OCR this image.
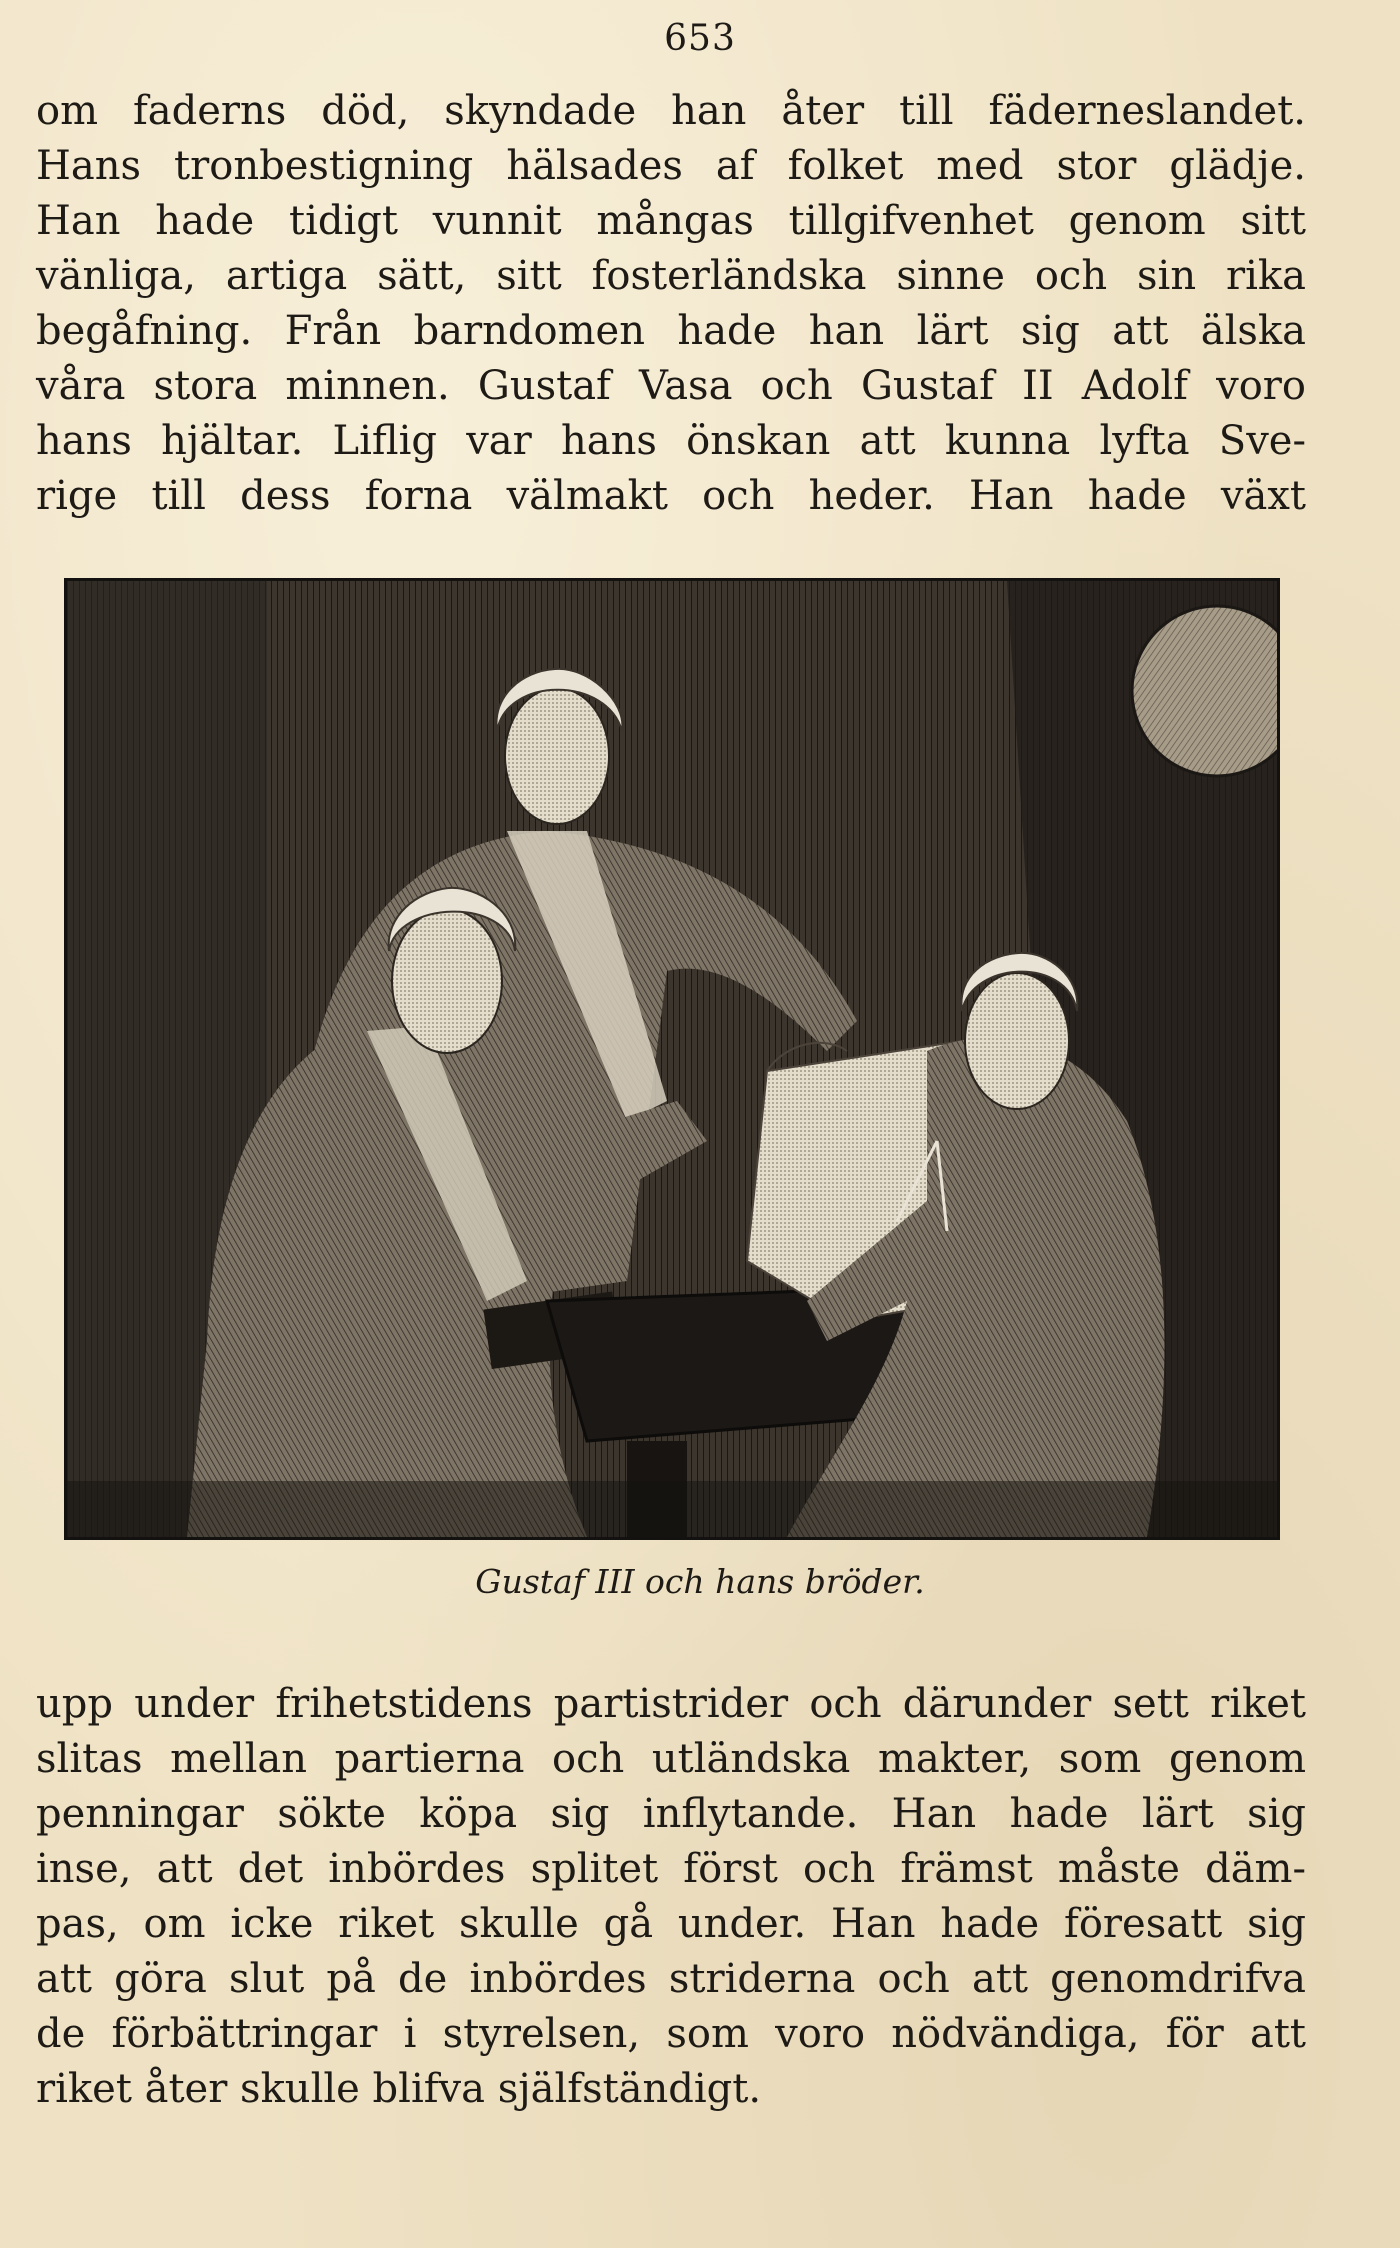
653
om faderns död, skyndade han åter till fäderneslandet.
Hans tronbestigning hälsades af folket med stor glädje.
Han hade tidigt vunnit mångas tillgifvenhet genom sitt
vänliga, artiga sätt, sitt fosterländska sinne och sin rika
begåfning. Från barndomen hade han lärt sig att älska
våra stora minnen. Gustaf Vasa och Gustaf II Adolf voro
hans hjältar. Liflig var hans önskan att kunna lyfta Sve-
rige till dess forna välmakt och heder. Han hade växt
Gustaf III och hans bröder.
upp under frihetstidens partistrider och därunder sett riket
slitas mellan partierna och utländska makter, som genom
penningar sökte köpa sig inflytande. Han hade lärt sig
inse, att det inbördes splitet först och främst måste däm-
pas, om icke riket skulle gå under. Han hade föresatt sig
att göra slut på de inbördes striderna och att genomdrifva
de förbättringar i styrelsen, som voro nödvändiga, för att
riket åter skulle blifva själfständigt.
